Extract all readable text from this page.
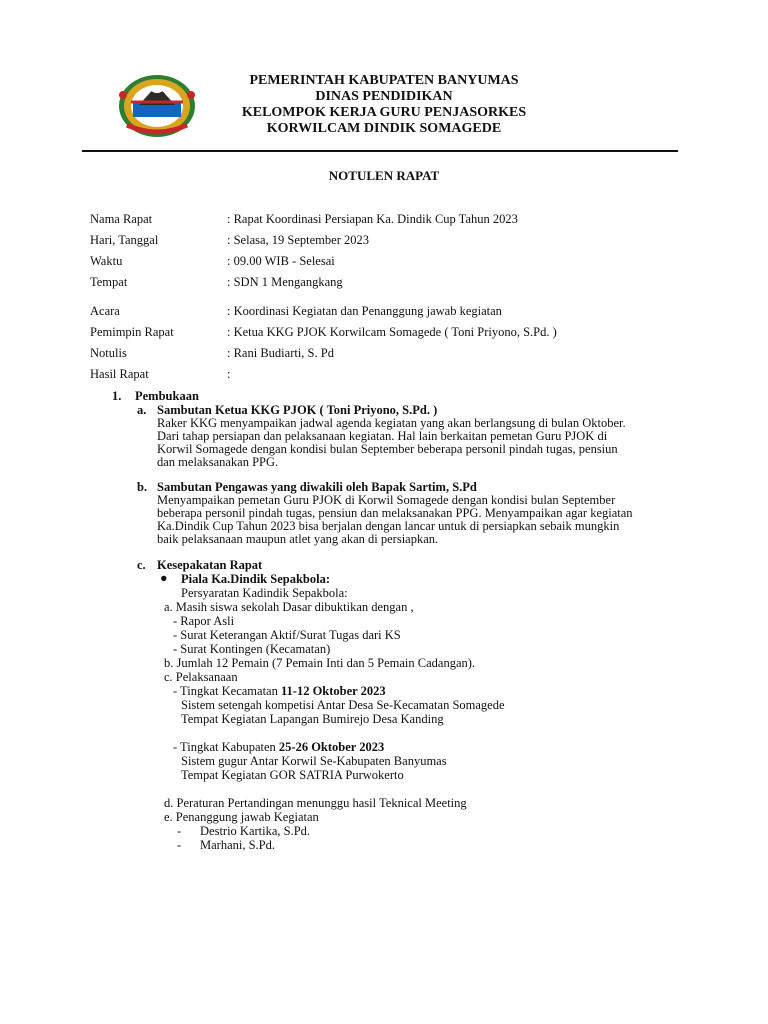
PEMERINTAH KABUPATEN BANYUMAS
DINAS PENDIDIKAN
KELOMPOK KERJA GURU PENJASORKES
KORWILCAM DINDIK SOMAGEDE
NOTULEN RAPAT
Nama Rapat	: Rapat Koordinasi Persiapan Ka. Dindik Cup Tahun 2023
Hari, Tanggal	: Selasa, 19 September 2023
Waktu	: 09.00 WIB - Selesai
Tempat	: SDN 1 Mengangkang
Acara	: Koordinasi Kegiatan dan Penanggung jawab kegiatan
Pemimpin Rapat	: Ketua KKG PJOK Korwilcam Somagede ( Toni Priyono, S.Pd. )
Notulis	: Rani Budiarti, S. Pd
Hasil Rapat	:
1. Pembukaan
a. Sambutan Ketua KKG PJOK ( Toni Priyono, S.Pd. )
Raker KKG menyampaikan jadwal agenda kegiatan yang akan berlangsung di bulan Oktober.
Dari tahap persiapan dan pelaksanaan kegiatan. Hal lain berkaitan pemetan Guru PJOK di
Korwil Somagede dengan kondisi bulan September beberapa personil pindah tugas, pensiun
dan melaksanakan PPG.
b. Sambutan Pengawas yang diwakili oleh Bapak Sartim, S.Pd
Menyampaikan pemetan Guru PJOK di Korwil Somagede dengan kondisi bulan September
beberapa personil pindah tugas, pensiun dan melaksanakan PPG. Menyampaikan agar kegiatan
Ka.Dindik Cup Tahun 2023 bisa berjalan dengan lancar untuk di persiapkan sebaik mungkin
baik pelaksanaan maupun atlet yang akan di persiapkan.
c. Kesepakatan Rapat
● Piala Ka.Dindik Sepakbola:
Persyaratan Kadindik Sepakbola:
a. Masih siswa sekolah Dasar dibuktikan dengan ,
- Rapor Asli
- Surat Keterangan Aktif/Surat Tugas dari KS
- Surat Kontingen (Kecamatan)
b. Jumlah 12 Pemain (7 Pemain Inti dan 5 Pemain Cadangan).
c. Pelaksanaan
- Tingkat Kecamatan 11-12 Oktober 2023
Sistem setengah kompetisi Antar Desa Se-Kecamatan Somagede
Tempat Kegiatan Lapangan Bumirejo Desa Kanding
- Tingkat Kabupaten 25-26 Oktober 2023
Sistem gugur Antar Korwil Se-Kabupaten Banyumas
Tempat Kegiatan GOR SATRIA Purwokerto
d. Peraturan Pertandingan menunggu hasil Teknical Meeting
e. Penanggung jawab Kegiatan
- Destrio Kartika, S.Pd.
- Marhani, S.Pd.
